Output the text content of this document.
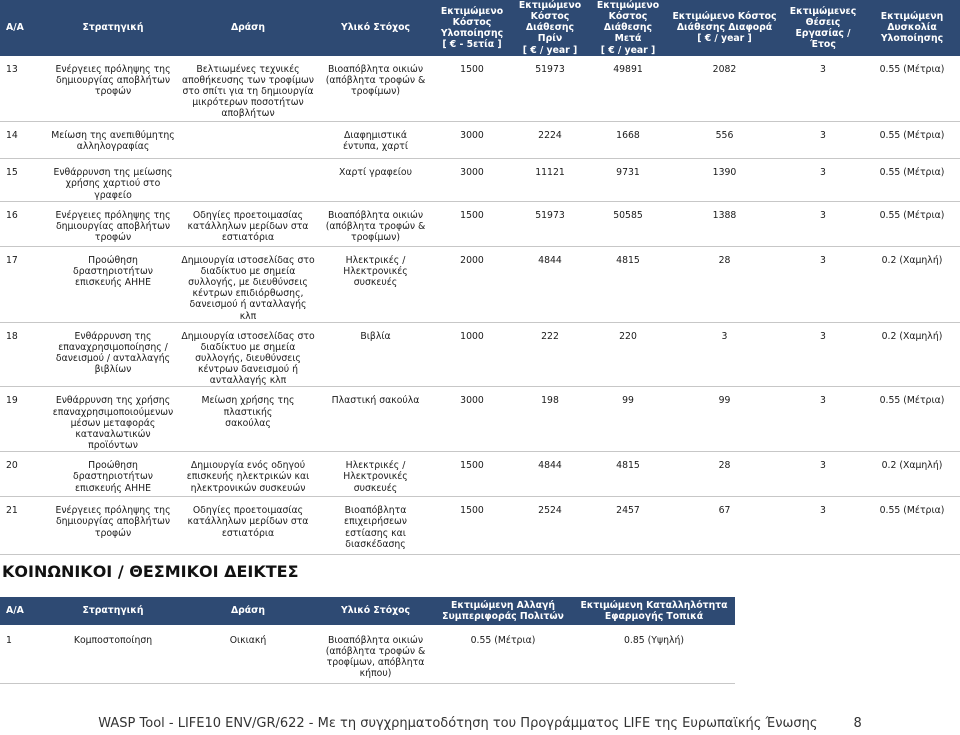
Α/Α	Στρατηγική	Δράση	Υλικό Στόχος	Εκτιμώμενο
Κόστος
Υλοποίησης
[ € - 5ετία ]	Εκτιμώμενο
Κόστος
Διάθεσης
Πρίν
[ € / year ]	Εκτιμώμενο
Κόστος
Διάθεσης
Μετά
[ € / year ]	Εκτιμώμενο Κόστος
Διάθεσης Διαφορά
[ € / year ]	Εκτιμώμενες
Θέσεις
Εργασίας / Έτος	Εκτιμώμενη
Δυσκολία
Υλοποίησης
13	Ενέργειες πρόληψης της
δημιουργίας αποβλήτων
τροφών	Βελτιωμένες τεχνικές
αποθήκευσης των τροφίμων
στο σπίτι για τη δημιουργία
μικρότερων ποσοτήτων
αποβλήτων	Βιοαπόβλητα οικιών
(απόβλητα τροφών &
τροφίμων)	1500	51973	49891	2082	3	0.55 (Μέτρια)
14	Μείωση της ανεπιθύμητης
αλληλογραφίας		Διαφημιστικά
έντυπα, χαρτί	3000	2224	1668	556	3	0.55 (Μέτρια)
15	Ενθάρρυνση της μείωσης
χρήσης χαρτιού στο γραφείο		Χαρτί γραφείου	3000	11121	9731	1390	3	0.55 (Μέτρια)
16	Ενέργειες πρόληψης της
δημιουργίας αποβλήτων
τροφών	Οδηγίες προετοιμασίας
κατάλληλων μερίδων στα
εστιατόρια	Βιοαπόβλητα οικιών
(απόβλητα τροφών &
τροφίμων)	1500	51973	50585	1388	3	0.55 (Μέτρια)
17	Προώθηση δραστηριοτήτων
επισκευής ΑΗΗΕ	Δημιουργία ιστοσελίδας στο
διαδίκτυο με σημεία
συλλογής, με διευθύνσεις
κέντρων επιδιόρθωσης,
δανεισμού ή ανταλλαγής κλπ	Ηλεκτρικές /
Ηλεκτρονικές
συσκευές	2000	4844	4815	28	3	0.2 (Χαμηλή)
18	Ενθάρρυνση της
επαναχρησιμοποίησης /
δανεισμού / ανταλλαγής
βιβλίων	Δημιουργία ιστοσελίδας στο
διαδίκτυο με σημεία
συλλογής, διευθύνσεις
κέντρων δανεισμού ή
ανταλλαγής κλπ	Βιβλία	1000	222	220	3	3	0.2 (Χαμηλή)
19	Ενθάρρυνση της χρήσης
επαναχρησιμοποιούμενων
μέσων μεταφοράς
καταναλωτικών προϊόντων	Μείωση χρήσης της πλαστικής
σακούλας	Πλαστική σακούλα	3000	198	99	99	3	0.55 (Μέτρια)
20	Προώθηση δραστηριοτήτων
επισκευής ΑΗΗΕ	Δημιουργία ενός οδηγού
επισκευής ηλεκτρικών και
ηλεκτρονικών συσκευών	Ηλεκτρικές /
Ηλεκτρονικές
συσκευές	1500	4844	4815	28	3	0.2 (Χαμηλή)
21	Ενέργειες πρόληψης της
δημιουργίας αποβλήτων
τροφών	Οδηγίες προετοιμασίας
κατάλληλων μερίδων στα
εστιατόρια	Βιοαπόβλητα
επιχειρήσεων
εστίασης και
διασκέδασης	1500	2524	2457	67	3	0.55 (Μέτρια)
ΚΟΙΝΩΝΙΚΟΙ / ΘΕΣΜΙΚΟΙ ΔΕΙΚΤΕΣ
Α/Α	Στρατηγική	Δράση	Υλικό Στόχος	Εκτιμώμενη Αλλαγή
Συμπεριφοράς Πολιτών	Εκτιμώμενη Καταλληλότητα
Εφαρμογής Τοπικά
1	Κομποστοποίηση	Οικιακή	Βιοαπόβλητα οικιών
(απόβλητα τροφών &
τροφίμων, απόβλητα
κήπου)	0.55 (Μέτρια)	0.85 (Υψηλή)
WASP Tool - LIFE10 ENV/GR/622 - Με τη συγχρηματοδότηση του Προγράμματος LIFE της Ευρωπαϊκής Ένωσης	8
